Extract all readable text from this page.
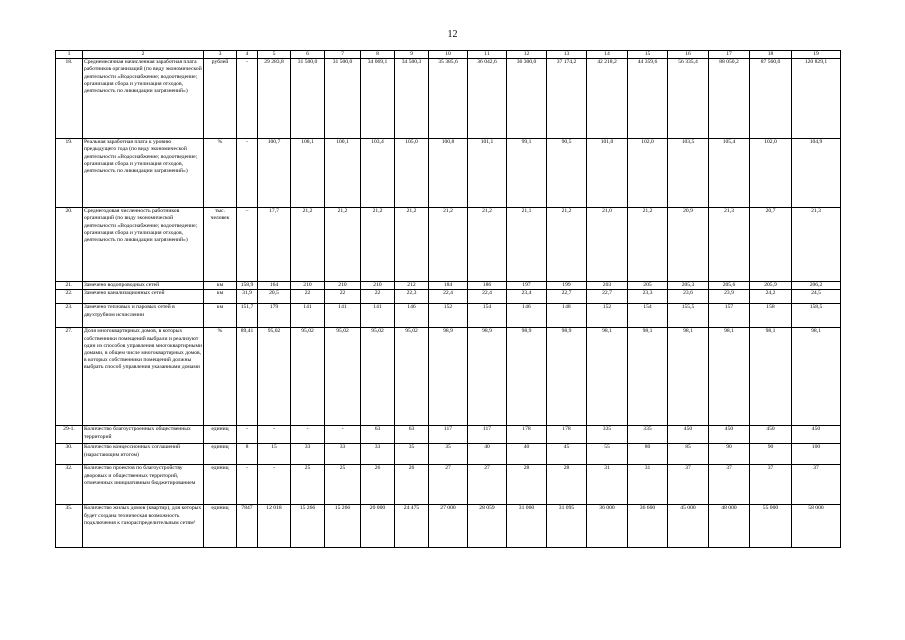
12
1	2	3	4	5	6	7	8	9	10	11	12	13	14	15	16	17	18	19
18.	Среднемесячная начисленная заработная плата работников организаций (по виду экономической деятельности «Водоснабжение; водоотведение; организация сбора и утилизация отходов, деятельность по ликвидации загрязнений»)	рублей	-	29 283,8	31 500,0	31 500,0	34 069,1	34 500,3	35 385,6	36 042,6	36 300,0	37 174,2	42 218,2	44 359,6	56 335,4	88 050,2	87 560,0	120 829,1
19.	Реальная заработная плата к уровню предыдущего года (по виду экономической деятельности «Водоснабжение; водоотведение; организация сбора и утилизация отходов, деятельность по ликвидации загрязнений»)	%	-	100,7	108,1	100,1	103,4	105,0	100,8	101,1	99,1	90,5	101,0	102,0	103,5	105,4	102,0	104,9
20.	Среднегодовая численность работников организаций (по виду экономической деятельности «Водоснабжение; водоотведение; организация сбора и утилизация отходов, деятельность по ликвидации загрязнений»)	тыс. человек	–	17,7	21,2	21,2	21,2	21,2	21,2	21,2	21,1	21,2	21,0	21,2	20,9	21,3	20,7	21,3
21.	Замечено водопроводных сетей	км	158,9	164	210	210	210	212	184	186	197	199	203	205	205,3	205,6	205,9	206,2
22.	Замечено канализационных сетей	км	31,9	20,5	22	22	22	22,3	22,4	22,4	23,4	22,7	22,7	23,3	23,6	23,9	24,2	24,5
23.	Замечено тепловых и паровых сетей в двухтрубном исчислении	км	151,7	179	141	141	141	146	152	154	146	148	152	154	155,5	157	158	158,5
27.	Доля многоквартирных домов, в которых собственники помещений выбрали и реализуют один из способов управления многоквартирными домами, в общем числе многоквартирных домов, в которых собственники помещений должны выбрать способ управления указанными домами	%	89,41	95,02	95,02	95,02	95,02	95,02	98,9	98,9	98,9	98,9	98,1	98,1	98,1	98,1	98,1	98,1
29-1.	Количество благоустроенных общественных территорий	единиц	-	-	-	-	63	63	117	117	178	178	335	335	450	450	450	450
30.	Количество концессионных соглашений (нарастающим итогом)	единиц	8	15	33	33	33	35	35	40	40	45	55	80	85	90	90	100
32.	Количество проектов по благоустройству дворовых и общественных территорий, отмеченных инициативным бюджетированием	единиц	-	-	25	25	26	26	27	27	28	28	31	31	37	37	37	37
35.	Количество жилых домов (квартир), для которых будет создана техническая возможность подключения к газораспределительным сетям¹	единиц	7847	12 018	15 266	15 266	20 000	24 475	27 000	28 059	31 000	31 095	36 000	36 600	45 000	48 000	55 000	58 000
